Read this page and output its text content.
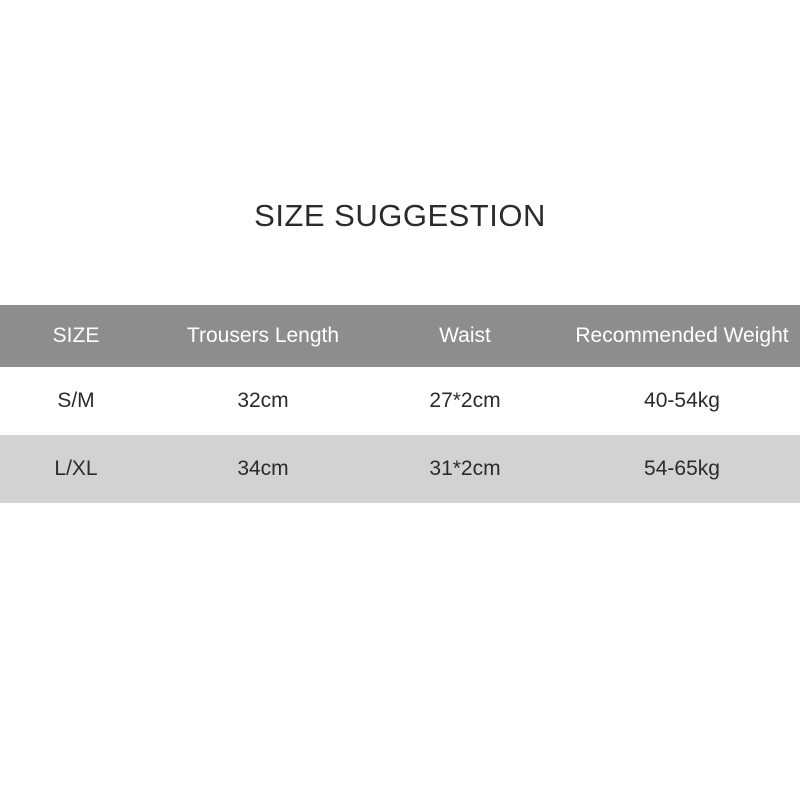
SIZE SUGGESTION
SIZE	Trousers Length	Waist	Recommended Weight
S/M	32cm	27*2cm	40-54kg
L/XL	34cm	31*2cm	54-65kg
